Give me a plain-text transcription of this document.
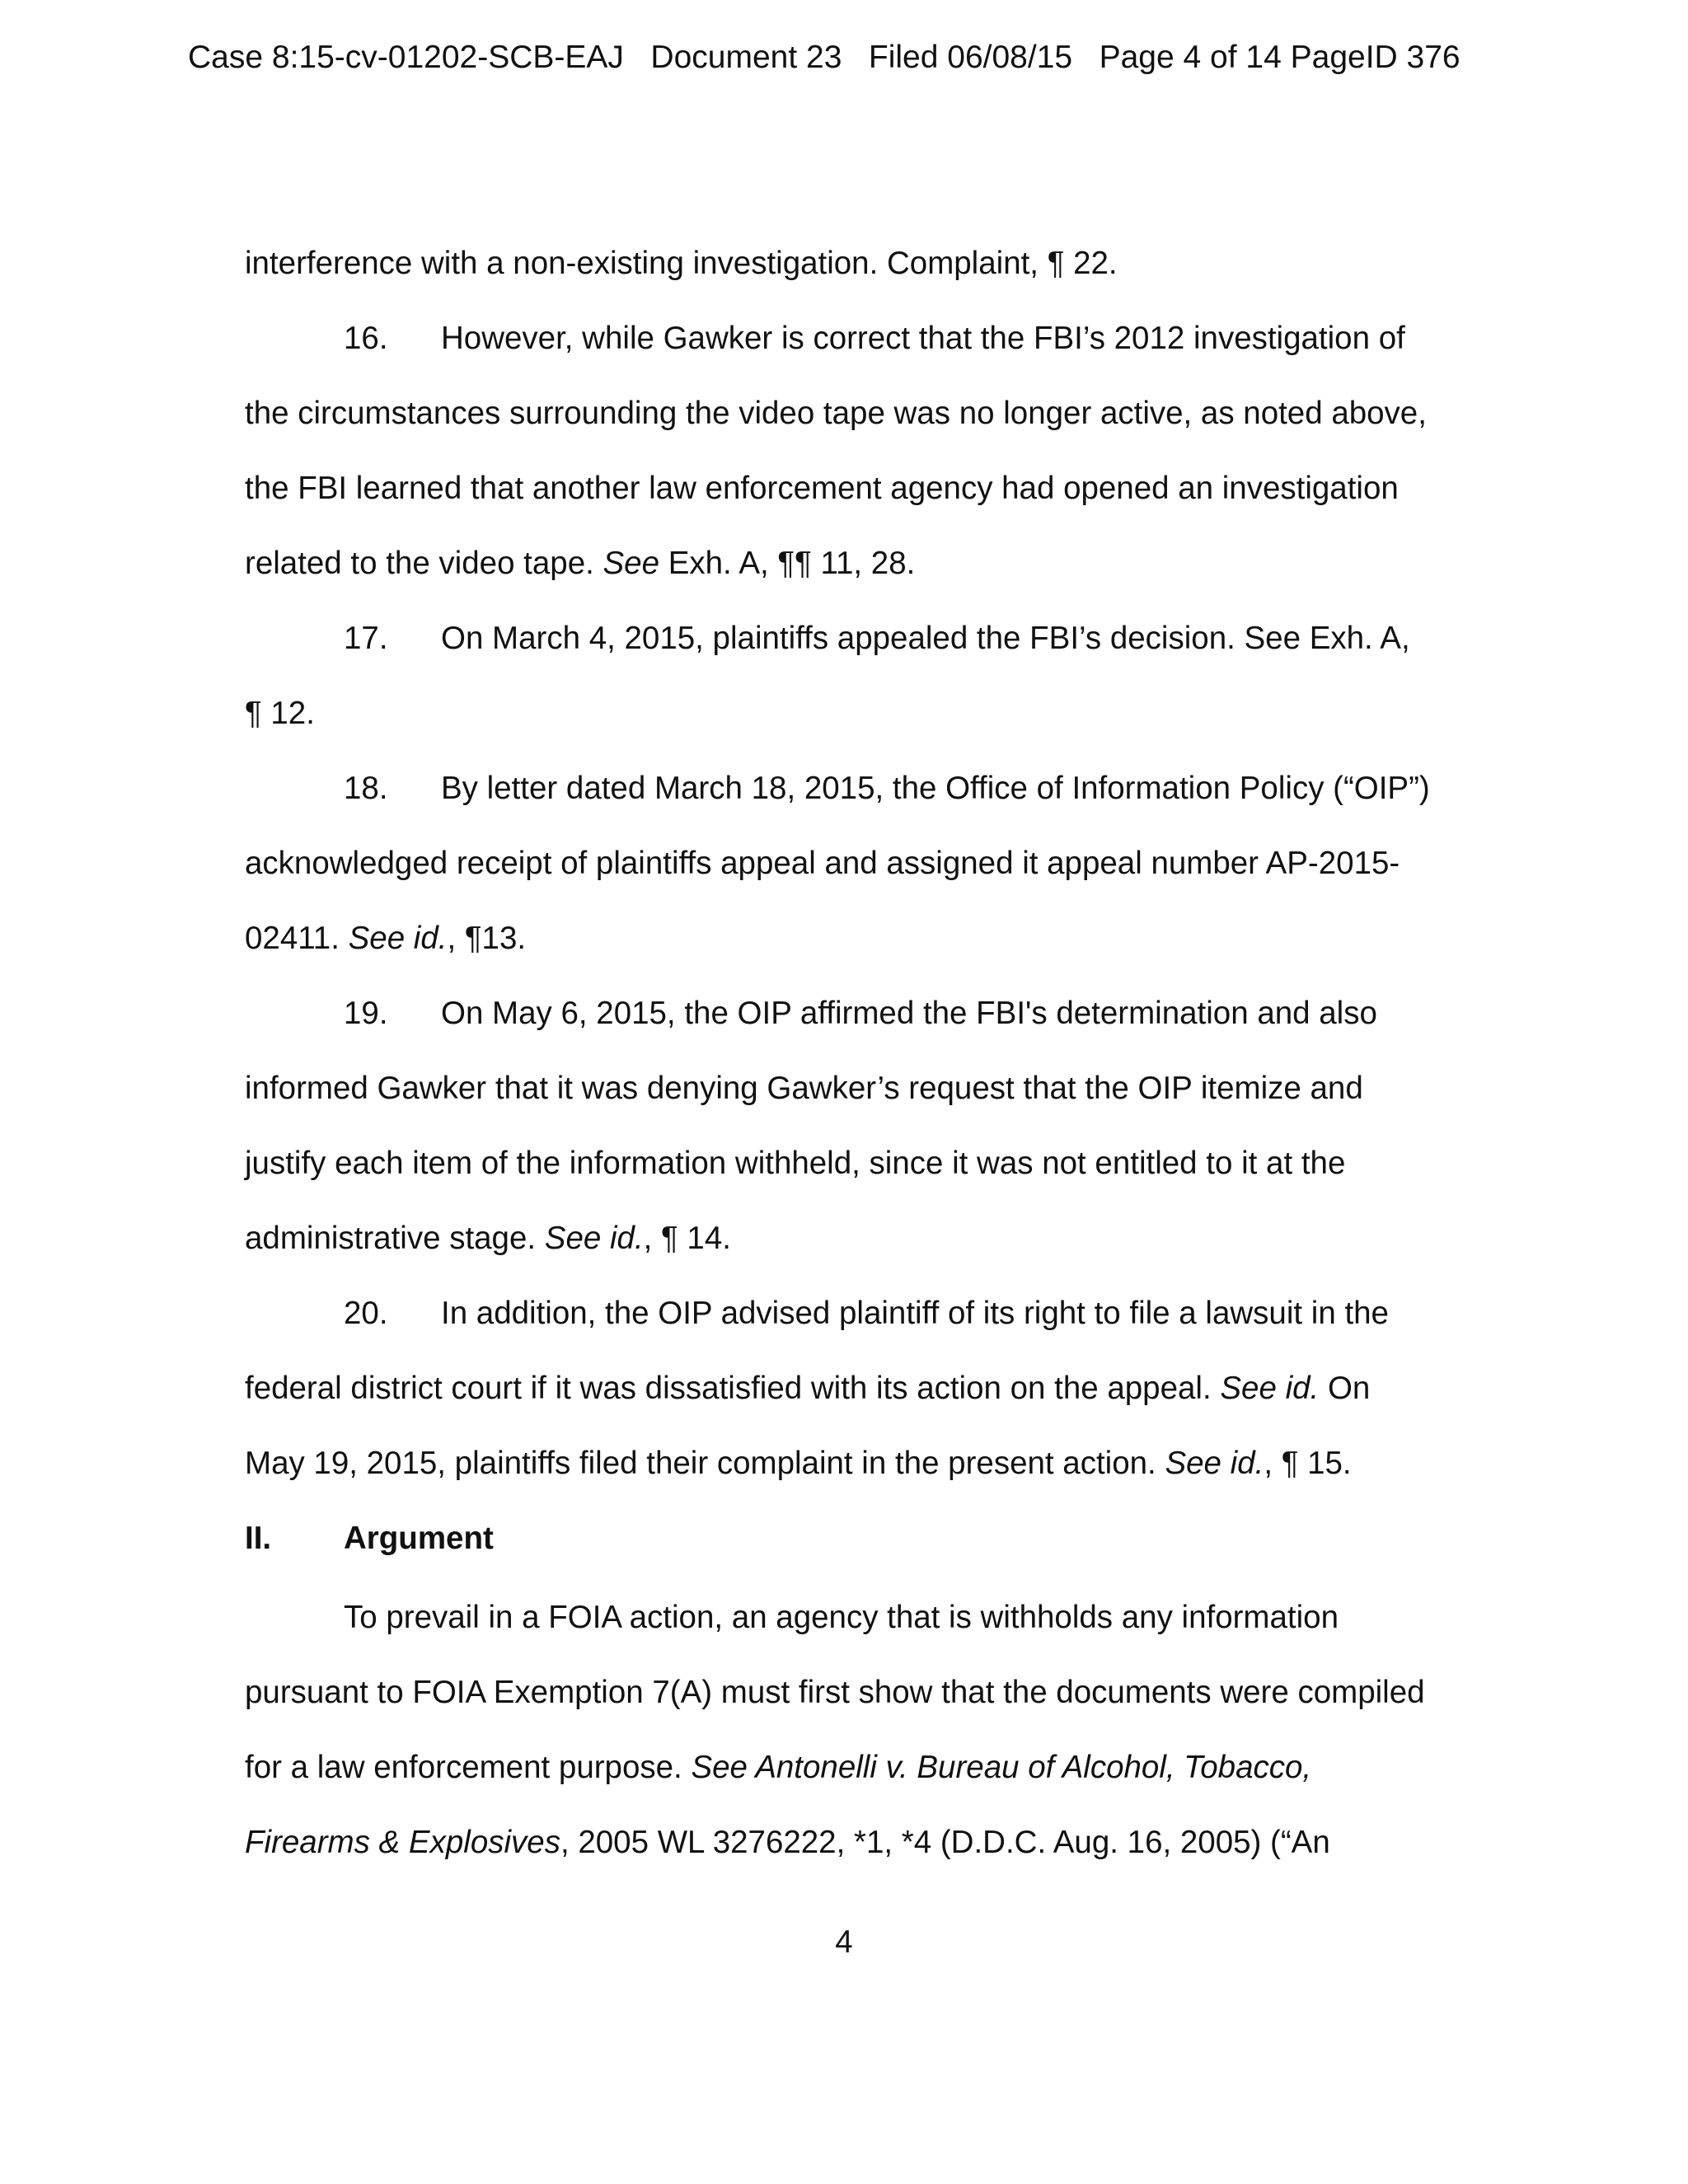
Case 8:15-cv-01202-SCB-EAJ Document 23 Filed 06/08/15 Page 4 of 14 PageID 376
interference with a non-existing investigation. Complaint, ¶ 22.
16. However, while Gawker is correct that the FBI’s 2012 investigation of
the circumstances surrounding the video tape was no longer active, as noted above,
the FBI learned that another law enforcement agency had opened an investigation
related to the video tape. See Exh. A, ¶¶ 11, 28.
17. On March 4, 2015, plaintiffs appealed the FBI’s decision. See Exh. A,
¶ 12.
18. By letter dated March 18, 2015, the Office of Information Policy (“OIP”)
acknowledged receipt of plaintiffs appeal and assigned it appeal number AP-2015-
02411. See id., ¶13.
19. On May 6, 2015, the OIP affirmed the FBI's determination and also
informed Gawker that it was denying Gawker’s request that the OIP itemize and
justify each item of the information withheld, since it was not entitled to it at the
administrative stage. See id., ¶ 14.
20. In addition, the OIP advised plaintiff of its right to file a lawsuit in the
federal district court if it was dissatisfied with its action on the appeal. See id. On
May 19, 2015, plaintiffs filed their complaint in the present action. See id., ¶ 15.
II. Argument
To prevail in a FOIA action, an agency that is withholds any information
pursuant to FOIA Exemption 7(A) must first show that the documents were compiled
for a law enforcement purpose. See Antonelli v. Bureau of Alcohol, Tobacco,
Firearms & Explosives, 2005 WL 3276222, *1, *4 (D.D.C. Aug. 16, 2005) (“An
4
